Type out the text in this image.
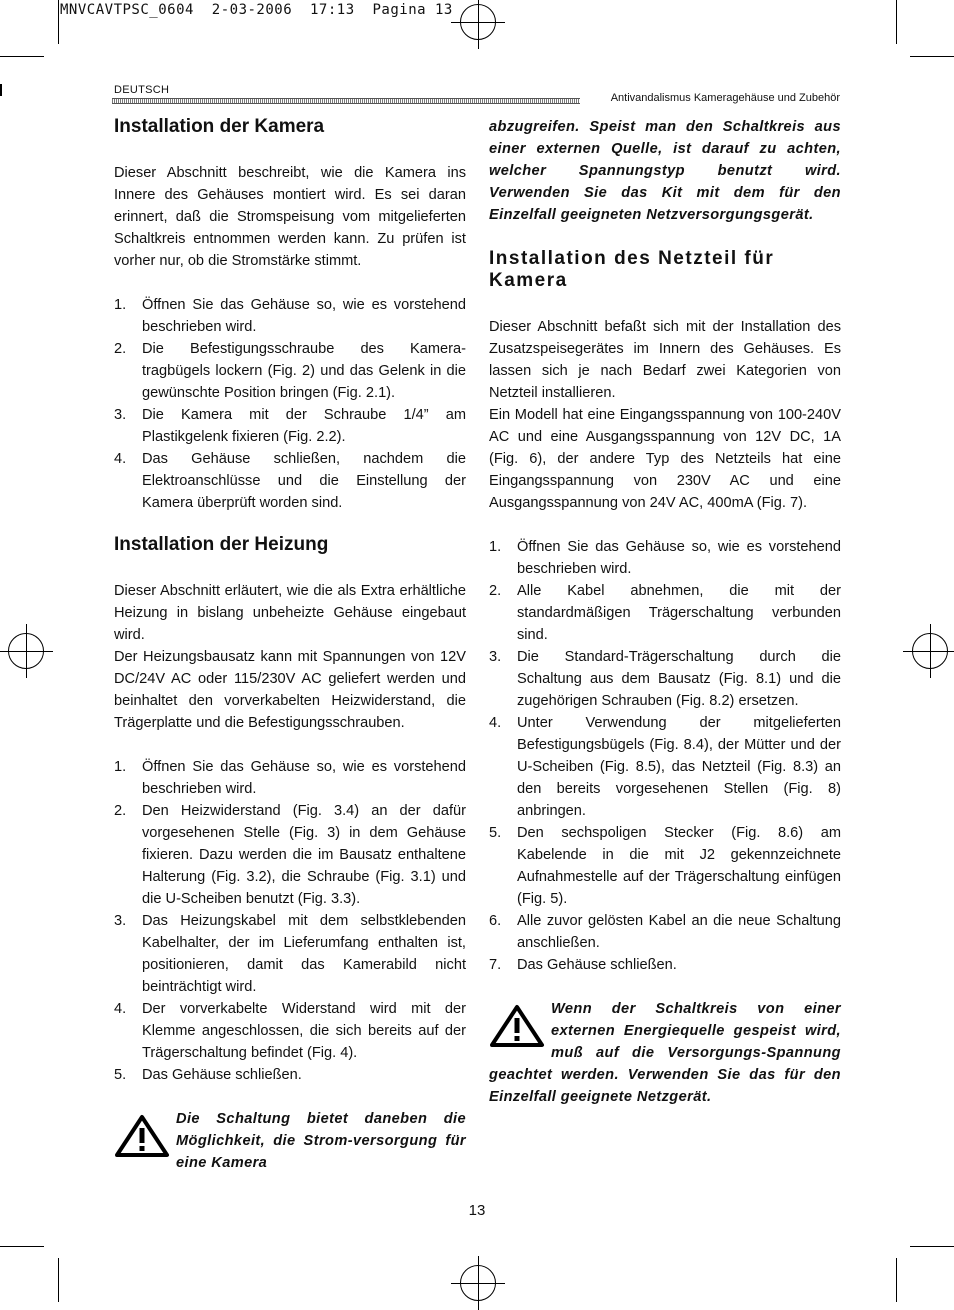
MNVCAVTPSC_0604  2-03-2006  17:13  Pagina 13
DEUTSCH
Antivandalismus Kameragehäuse und Zubehör
Installation der Kamera

Dieser Abschnitt beschreibt, wie die Kamera ins Innere des Gehäuses montiert wird. Es sei daran erinnert, daß die Stromspeisung vom mitgelieferten Schaltkreis entnommen werden kann. Zu prüfen ist vorher nur, ob die Stromstärke stimmt.

1. Öffnen Sie das Gehäuse so, wie es vorstehend beschrieben wird.
2. Die Befestigungsschraube des Kamera-tragbügels lockern (Fig. 2) und das Gelenk in die gewünschte Position bringen (Fig. 2.1).
3. Die Kamera mit der Schraube 1/4” am Plastikgelenk fixieren (Fig. 2.2).
4. Das Gehäuse schließen, nachdem die Elektroanschlüsse und die Einstellung der Kamera überprüft worden sind.
Installation der Heizung

Dieser Abschnitt erläutert, wie die als Extra erhältliche Heizung in bislang unbeheizte Gehäuse eingebaut wird.

Der Heizungsbausatz kann mit Spannungen von 12V DC/24V AC oder 115/230V AC geliefert werden und beinhaltet den vorverkabelten Heizwiderstand, die Trägerplatte und die Befestigungsschrauben.

1. Öffnen Sie das Gehäuse so, wie es vorstehend beschrieben wird.
2. Den Heizwiderstand (Fig. 3.4) an der dafür vorgesehenen Stelle (Fig. 3) in dem Gehäuse fixieren. Dazu werden die im Bausatz enthaltene Halterung (Fig. 3.2), die Schraube (Fig. 3.1) und die U-Scheiben benutzt (Fig. 3.3).
3. Das Heizungskabel mit dem selbstklebenden Kabelhalter, der im Lieferumfang enthalten ist, positionieren, damit das Kamerabild nicht beinträchtigt wird.
4. Der vorverkabelte Widerstand wird mit der Klemme angeschlossen, die sich bereits auf der Trägerschaltung befindet (Fig. 4).
5. Das Gehäuse schließen.
Die Schaltung bietet daneben die Möglichkeit, die Strom-versorgung für eine Kamera
abzugreifen. Speist man den Schaltkreis aus einer externen Quelle, ist darauf zu achten, welcher Spannungstyp benutzt wird. Verwenden Sie das Kit mit dem für den Einzelfall geeigneten Netzversorgungsgerät.
Installation des Netzteil für Kamera

Dieser Abschnitt befaßt sich mit der Installation des Zusatzspeisegerätes im Innern des Gehäuses. Es lassen sich je nach Bedarf zwei Kategorien von Netzteil installieren.

Ein Modell hat eine Eingangsspannung von 100-240V AC und eine Ausgangsspannung von 12V DC, 1A (Fig. 6), der andere Typ des Netzteils hat eine Eingangsspannung von 230V AC und eine Ausgangsspannung von 24V AC, 400mA (Fig. 7).

1. Öffnen Sie das Gehäuse so, wie es vorstehend beschrieben wird.
2. Alle Kabel abnehmen, die mit der standardmäßigen Trägerschaltung verbunden sind.
3. Die Standard-Trägerschaltung durch die Schaltung aus dem Bausatz (Fig. 8.1) und die zugehörigen Schrauben (Fig. 8.2) ersetzen.
4. Unter Verwendung der mitgelieferten Befestigungsbügels (Fig. 8.4), der Mütter und der U-Scheiben (Fig. 8.5), das Netzteil (Fig. 8.3) an den bereits vorgesehenen Stellen (Fig. 8) anbringen.
5. Den sechspoligen Stecker (Fig. 8.6) am Kabelende in die mit J2 gekennzeichnete Aufnahmestelle auf der Trägerschaltung einfügen (Fig. 5).
6. Alle zuvor gelösten Kabel an die neue Schaltung anschließen.
7. Das Gehäuse schließen.
Wenn der Schaltkreis von einer externen Energiequelle gespeist wird, muß auf die Versorgungs-Spannung geachtet werden. Verwenden Sie das für den Einzelfall geeignete Netzgerät.
13
